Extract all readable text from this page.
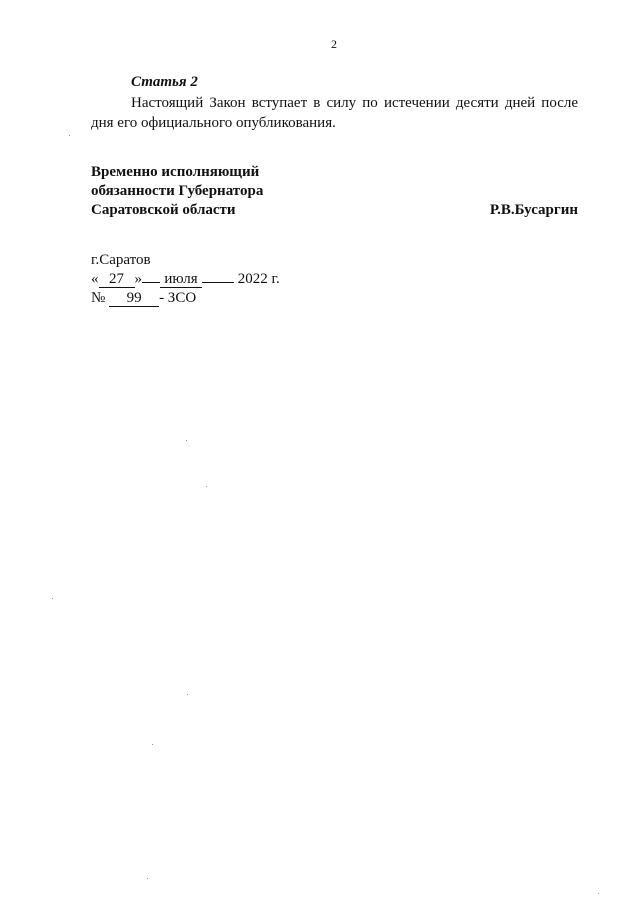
2
Статья 2

Настоящий Закон вступает в силу по истечении десяти дней после дня его официального опубликования.

Временно исполняющий
обязанности Губернатора
Саратовской области	Р.В.Бусаргин
г.Саратов
« 27 » июля	2022 г.
№ 99 - ЗСО
